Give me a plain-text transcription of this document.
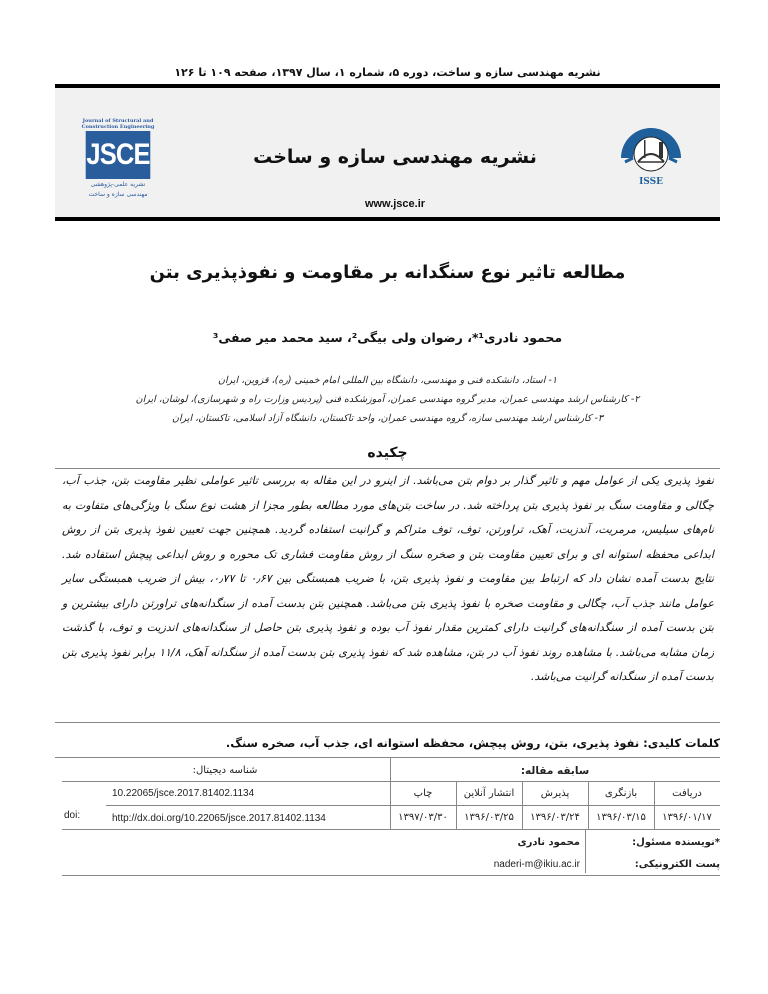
نشریه مهندسی سازه و ساخت، دوره ۵، شماره ۱، سال ۱۳۹۷، صفحه ۱۰۹ تا ۱۲۶
Journal of Structural and
Construction Engineering
JSCE
نشریه علمی-پژوهشی
مهندسی سازه و ساخت
نشریه مهندسی سازه و ساخت
www.jsce.ir
ISSE
مطالعه تاثیر نوع سنگدانه بر مقاومت و نفوذپذیری بتن
محمود نادری¹*، رضوان ولی بیگی²، سید محمد میر صفی³
۱- استاد، دانشکده فنی و مهندسی، دانشگاه بین المللی امام خمینی (ره)، قزوین، ایران
۲- کارشناس ارشد مهندسی عمران، مدیر گروه مهندسی عمران، آموزشکده فنی (پردیس وزارت راه و شهرسازی)، لوشان، ایران
۳- کارشناس ارشد مهندسی سازه، گروه مهندسی عمران، واحد تاکستان، دانشگاه آزاد اسلامی، تاکستان، ایران
چکیده
نفوذ پذیری یکی از عوامل مهم و تاثیر گذار بر دوام بتن می‌باشد. از اینرو در این مقاله به بررسی تاثیر عواملی نظیر مقاومت بتن، جذب آب، چگالی و مقاومت سنگ بر نفوذ پذیری بتن پرداخته شد. در ساخت بتن‌های مورد مطالعه بطور مجزا از هشت نوع سنگ با ویژگی‌های متفاوت به نام‌های سیلیس، مرمریت، آندزیت، آهک، تراورتن، توف، توف متراکم و گرانیت استفاده گردید. همچنین جهت تعیین نفوذ پذیری بتن از روش ابداعی محفظه استوانه ای و برای تعیین مقاومت بتن و صخره سنگ از روش مقاومت فشاری تک محوره و روش ابداعی پیچش استفاده شد. نتایج بدست آمده نشان داد که ارتباط بین مقاومت و نفوذ پذیری بتن، با ضریب همبستگی بین ۰٫۶۷ تا ۰٫۷۷، بیش از ضریب همبستگی سایر عوامل مانند جذب آب، چگالی و مقاومت صخره با نفوذ پذیری بتن می‌باشد. همچنین بتن بدست آمده از سنگدانه‌های تراورتن دارای بیشترین و بتن بدست آمده از سنگدانه‌های گرانیت دارای کمترین مقدار نفوذ آب بوده و نفوذ پذیری بتن حاصل از سنگدانه‌های اندزیت و توف، با گذشت زمان مشابه می‌باشد. با مشاهده روند نفوذ آب در بتن، مشاهده شد که نفوذ پذیری بتن بدست آمده از سنگدانه آهک، ۱۱/۸ برابر نفوذ پذیری بتن بدست آمده از سنگدانه گرانیت می‌باشد.
کلمات کلیدی: نفوذ پذیری، بتن، روش پیچش، محفظه استوانه ای، جذب آب، صخره سنگ.
شناسه دیجیتال:
doi:
10.22065/jsce.2017.81402.1134
http://dx.doi.org/10.22065/jsce.2017.81402.1134
سابقه مقاله:
دریافت
بازنگری
پذیرش
انتشار آنلاین
چاپ
۱۳۹۶/۰۱/۱۷
۱۳۹۶/۰۳/۱۵
۱۳۹۶/۰۳/۲۴
۱۳۹۶/۰۳/۲۵
۱۳۹۷/۰۳/۳۰
*نویسنده مسئول:
محمود نادری
پست الکترونیکی:
naderi-m@ikiu.ac.ir
